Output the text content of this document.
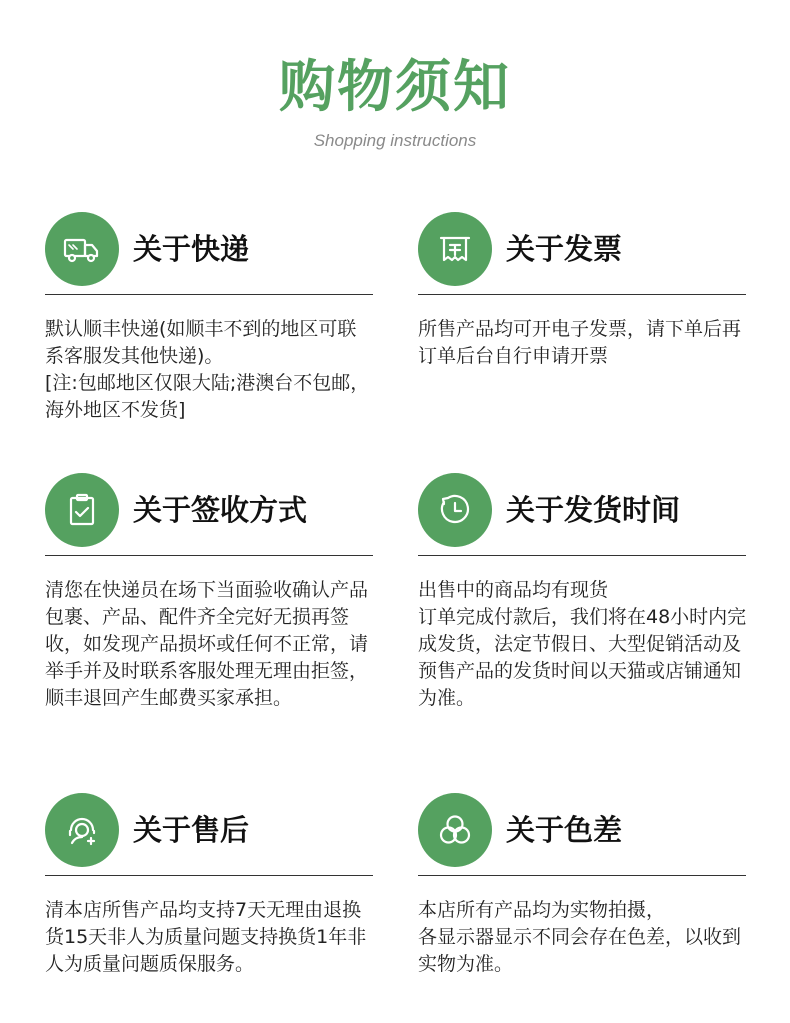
购物须知
Shopping instructions
关于快递

默认顺丰快递(如顺丰不到的地区可联系客服发其他快递)。

[注:包邮地区仅限大陆;港澳台不包邮，海外地区不发货]

关于发票

所售产品均可开电子发票，请下单后再订单后台自行申请开票

关于签收方式

清您在快递员在场下当面验收确认产品包裹、产品、配件齐全完好无损再签收，如发现产品损坏或任何不正常，请举手并及时联系客服处理无理由拒签，顺丰退回产生邮费买家承担。

关于发货时间

出售中的商品均有现货

订单完成付款后，我们将在48小时内完成发货，法定节假日、大型促销活动及预售产品的发货时间以天猫或店铺通知为准。

关于售后

清本店所售产品均支持7天无理由退换货15天非人为质量问题支持换货1年非人为质量问题质保服务。

关于色差

本店所有产品均为实物拍摄，

各显示器显示不同会存在色差，以收到实物为准。
